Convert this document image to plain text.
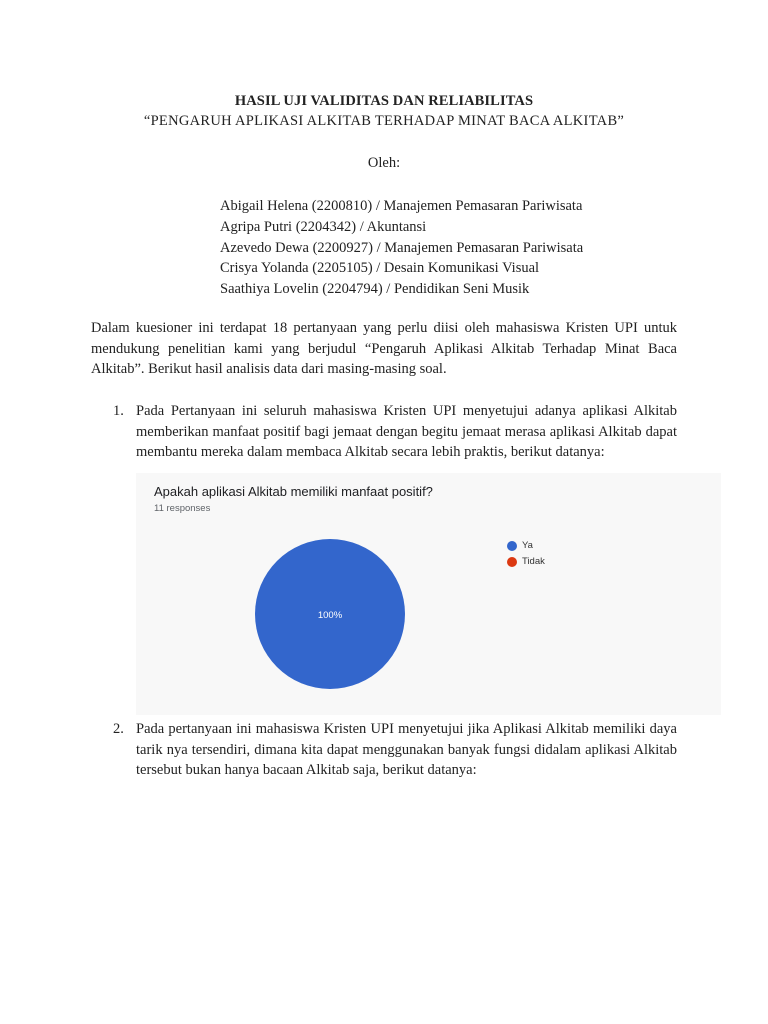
HASIL UJI VALIDITAS DAN RELIABILITAS
“PENGARUH APLIKASI ALKITAB TERHADAP MINAT BACA ALKITAB”
Oleh:
Abigail Helena (2200810) / Manajemen Pemasaran Pariwisata
Agripa Putri (2204342) / Akuntansi
Azevedo Dewa (2200927) / Manajemen Pemasaran Pariwisata
Crisya Yolanda (2205105) / Desain Komunikasi Visual
Saathiya Lovelin (2204794) / Pendidikan Seni Musik
Dalam kuesioner ini terdapat 18 pertanyaan yang perlu diisi oleh mahasiswa Kristen UPI untuk mendukung penelitian kami yang berjudul “Pengaruh Aplikasi Alkitab Terhadap Minat Baca Alkitab”. Berikut hasil analisis data dari masing-masing soal.
1. Pada Pertanyaan ini seluruh mahasiswa Kristen UPI menyetujui adanya aplikasi Alkitab memberikan manfaat positif bagi jemaat dengan begitu jemaat merasa aplikasi Alkitab dapat membantu mereka dalam membaca Alkitab secara lebih praktis, berikut datanya:
100%
Apakah aplikasi Alkitab memiliki manfaat positif?
11 responses
Ya
Tidak
2. Pada pertanyaan ini mahasiswa Kristen UPI menyetujui jika Aplikasi Alkitab memiliki daya tarik nya tersendiri, dimana kita dapat menggunakan banyak fungsi didalam aplikasi Alkitab tersebut bukan hanya bacaan Alkitab saja, berikut datanya:
